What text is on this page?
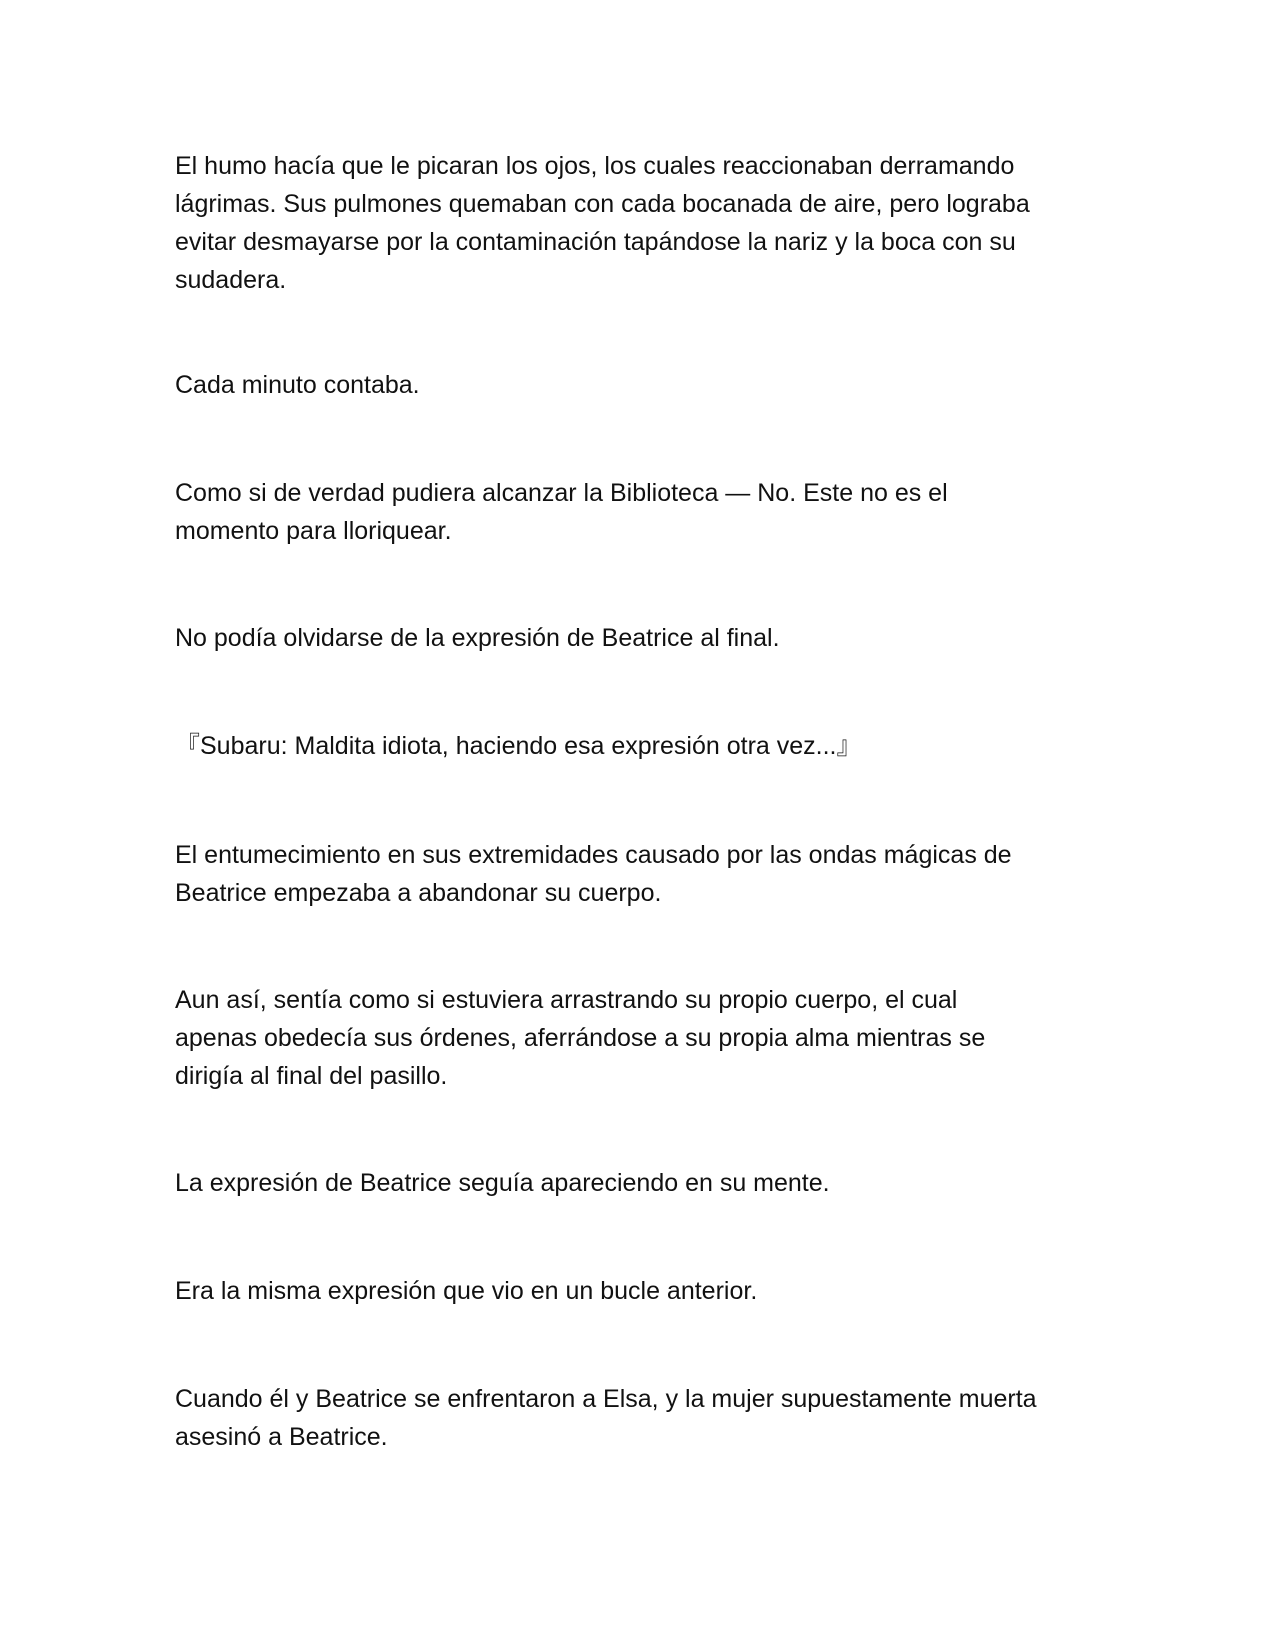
El humo hacía que le picaran los ojos, los cuales reaccionaban derramando
lágrimas. Sus pulmones quemaban con cada bocanada de aire, pero lograba
evitar desmayarse por la contaminación tapándose la nariz y la boca con su
sudadera.

Cada minuto contaba.

Como si de verdad pudiera alcanzar la Biblioteca — No. Este no es el
momento para lloriquear.

No podía olvidarse de la expresión de Beatrice al final.

『Subaru: Maldita idiota, haciendo esa expresión otra vez...』

El entumecimiento en sus extremidades causado por las ondas mágicas de
Beatrice empezaba a abandonar su cuerpo.

Aun así, sentía como si estuviera arrastrando su propio cuerpo, el cual
apenas obedecía sus órdenes, aferrándose a su propia alma mientras se
dirigía al final del pasillo.

La expresión de Beatrice seguía apareciendo en su mente.

Era la misma expresión que vio en un bucle anterior.

Cuando él y Beatrice se enfrentaron a Elsa, y la mujer supuestamente muerta
asesinó a Beatrice.
